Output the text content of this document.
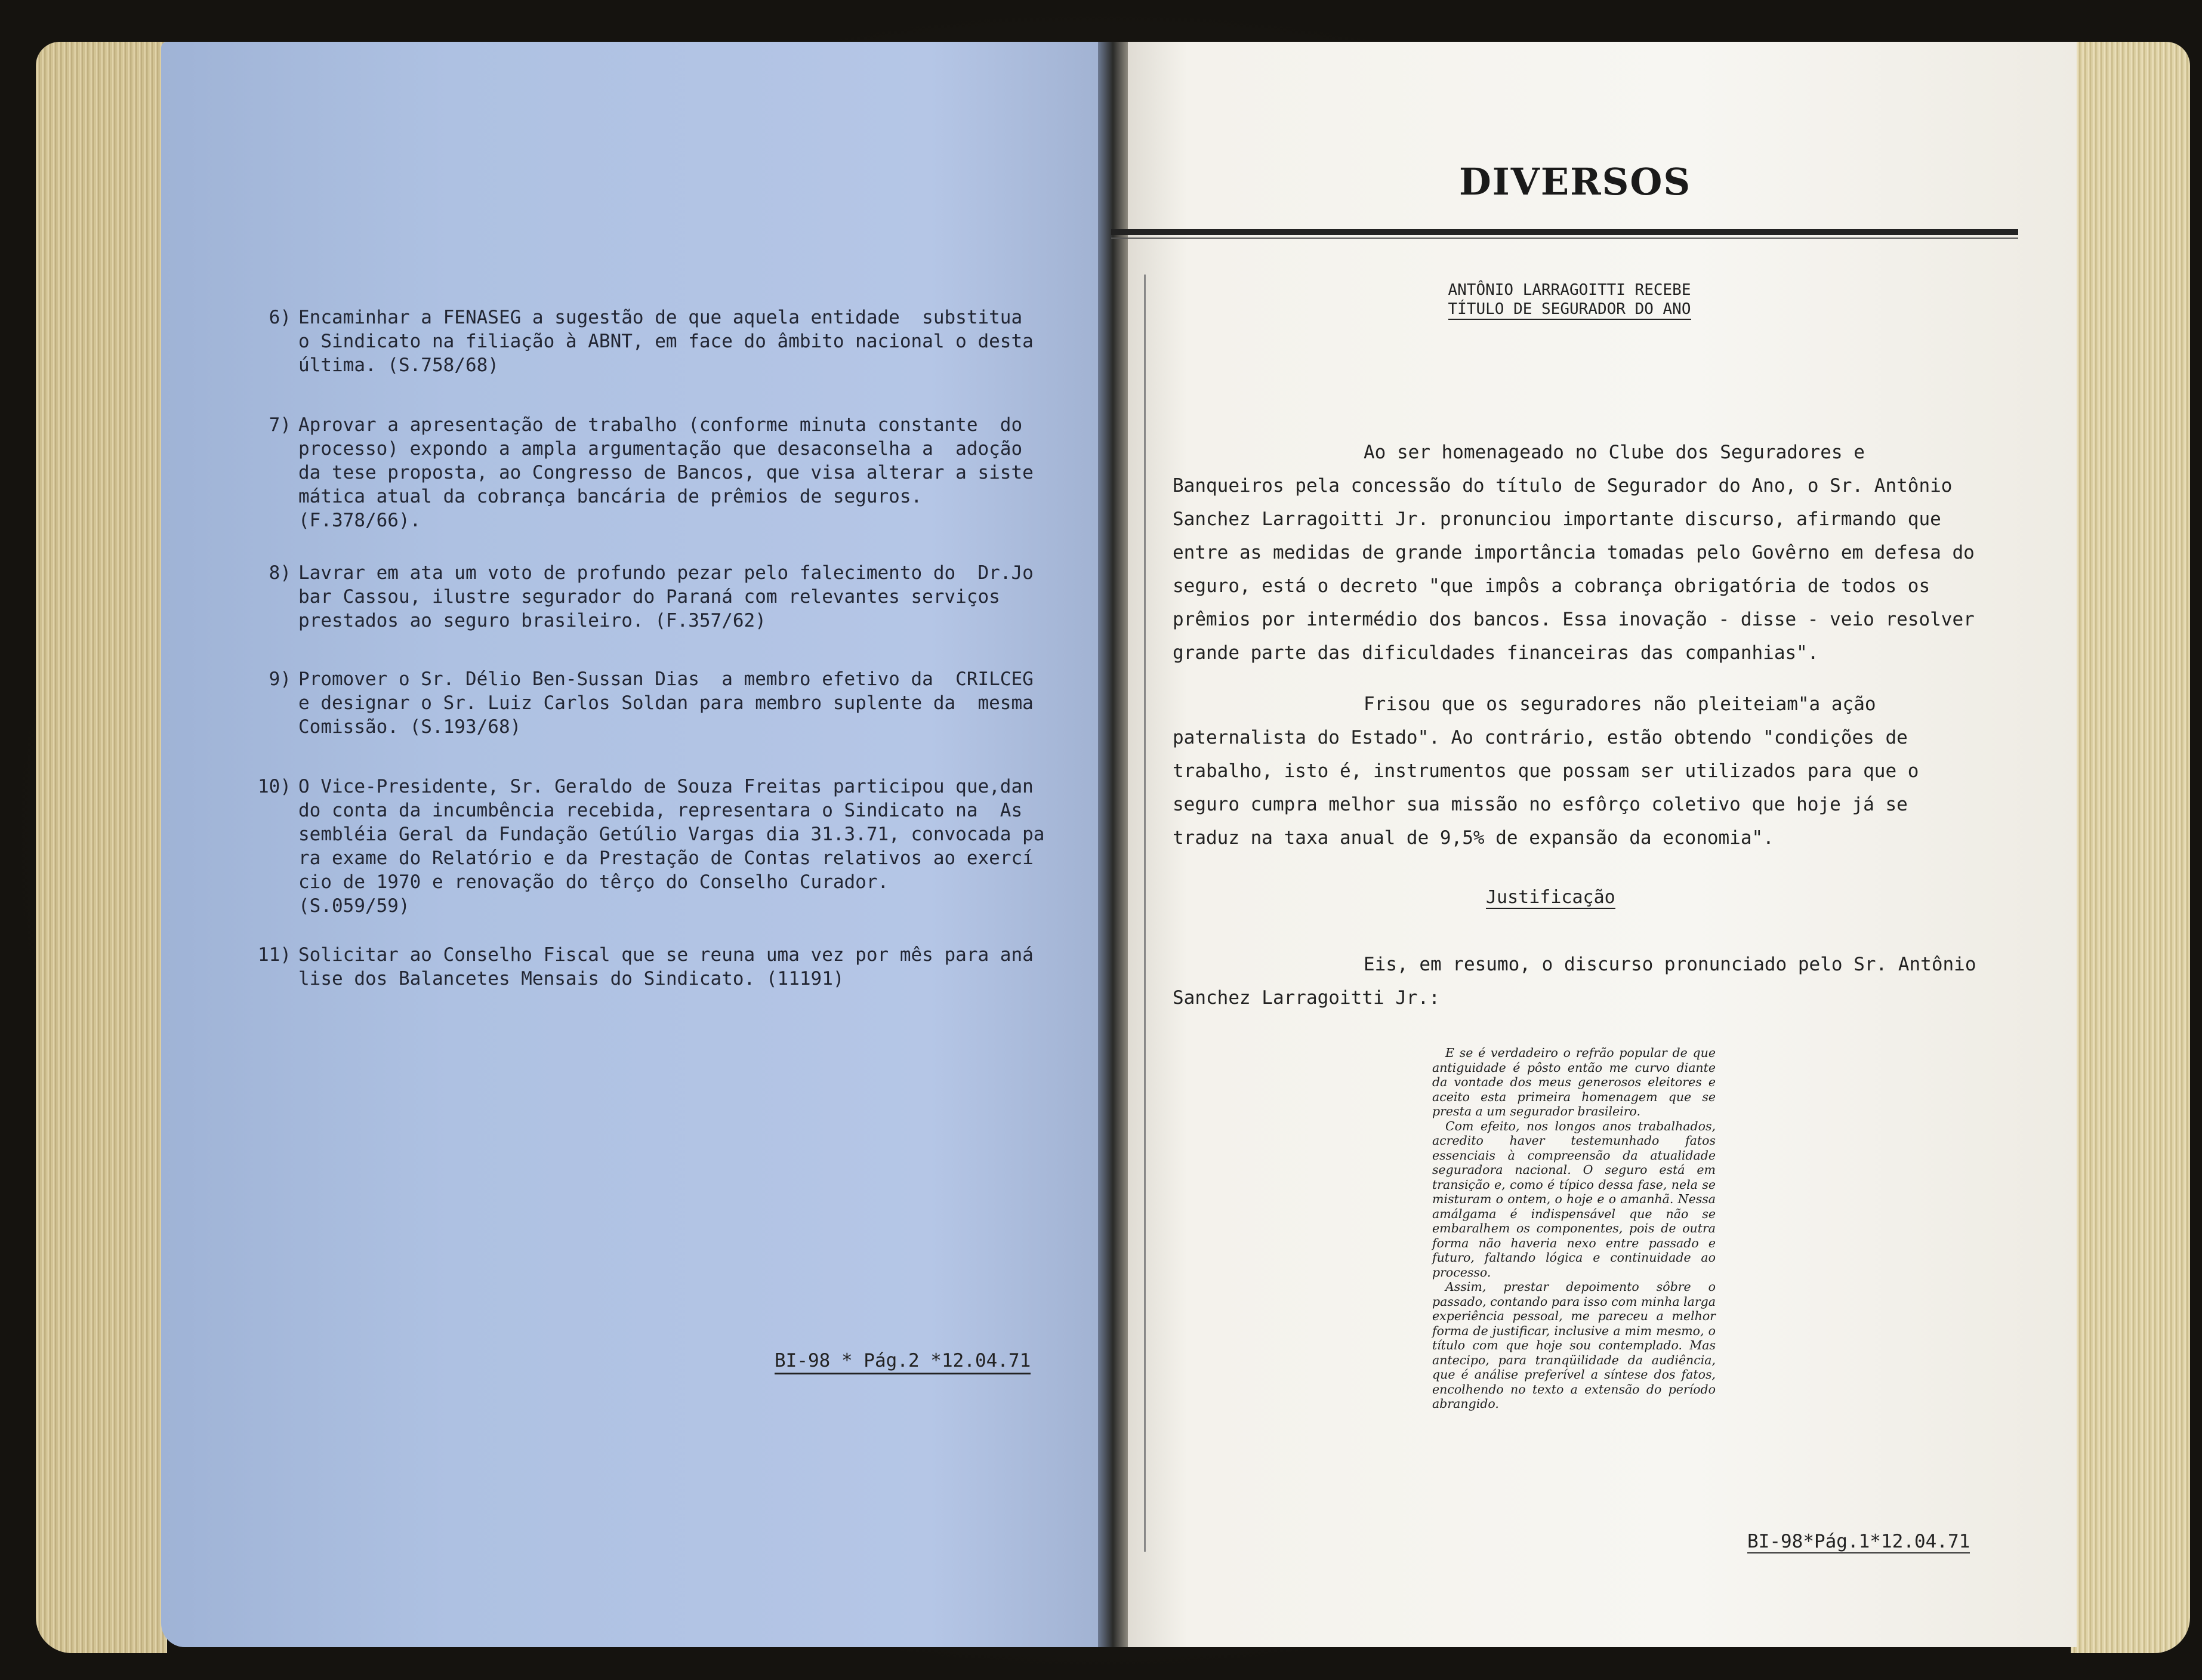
6) Encaminhar a FENASEG a sugestão de que aquela entidade  substitua
o Sindicato na filiação à ABNT, em face do âmbito nacional o desta
última. (S.758/68)
7) Aprovar a apresentação de trabalho (conforme minuta constante  do
processo) expondo a ampla argumentação que desaconselha a  adoção
da tese proposta, ao Congresso de Bancos, que visa alterar a siste
mática atual da cobrança bancária de prêmios de seguros.
(F.378/66).
8) Lavrar em ata um voto de profundo pezar pelo falecimento do  Dr.Jo
bar Cassou, ilustre segurador do Paraná com relevantes serviços
prestados ao seguro brasileiro. (F.357/62)
9) Promover o Sr. Délio Ben-Sussan Dias  a membro efetivo da  CRILCEG
e designar o Sr. Luiz Carlos Soldan para membro suplente da  mesma
Comissão. (S.193/68)
10) O Vice-Presidente, Sr. Geraldo de Souza Freitas participou que,dan
do conta da incumbência recebida, representara o Sindicato na  As
sembléia Geral da Fundação Getúlio Vargas dia 31.3.71, convocada pa
ra exame do Relatório e da Prestação de Contas relativos ao exercí
cio de 1970 e renovação do têrço do Conselho Curador.
(S.059/59)
11) Solicitar ao Conselho Fiscal que se reuna uma vez por mês para aná
lise dos Balancetes Mensais do Sindicato. (11191)
BI-98 * Pág.2 *12.04.71
DIVERSOS
ANTÔNIO LARRAGOITTI RECEBE
TÍTULO DE SEGURADOR DO ANO
Ao ser homenageado no Clube dos Seguradores e Banqueiros pela concessão do título de Segurador do Ano, o Sr. Antônio Sanchez Larragoitti Jr. pronunciou importante discurso, afirmando que entre as medidas de grande importância tomadas pelo Govêrno em defesa do seguro, está o decreto "que impôs a cobrança obrigatória de todos os prêmios por intermédio dos bancos. Essa inovação - disse - veio resolver grande parte das dificuldades financeiras das companhias".
Frisou que os seguradores não pleiteiam"a ação paternalista do Estado". Ao contrário, estão obtendo "condições de trabalho, isto é, instrumentos que possam ser utilizados para que o seguro cumpra melhor sua missão no esfôrço coletivo que hoje já se traduz na taxa anual de 9,5% de expansão da economia".
Justificação
Eis, em resumo, o discurso pronunciado pelo Sr. Antônio Sanchez Larragoitti Jr.:

E se é verdadeiro o refrão popular de que antiguidade é pôsto então me curvo diante da vontade dos meus generosos eleitores e aceito esta primeira homenagem que se presta a um segurador brasileiro.

Com efeito, nos longos anos trabalhados, acredito haver testemunhado fatos essenciais à compreensão da atualidade seguradora nacional. O seguro está em transição e, como é típico dessa fase, nela se misturam o ontem, o hoje e o amanhã. Nessa amálgama é indispensável que não se embaralhem os componentes, pois de outra forma não haveria nexo entre passado e futuro, faltando lógica e continuidade ao processo.

Assim, prestar depoimento sôbre o passado, contando para isso com minha larga experiência pessoal, me pareceu a melhor forma de justificar, inclusive a mim mesmo, o título com que hoje sou contemplado. Mas antecipo, para tranqüilidade da audiência, que é análise preferível a síntese dos fatos, encolhendo no texto a extensão do período abrangido.

BI-98*Pág.1*12.04.71
